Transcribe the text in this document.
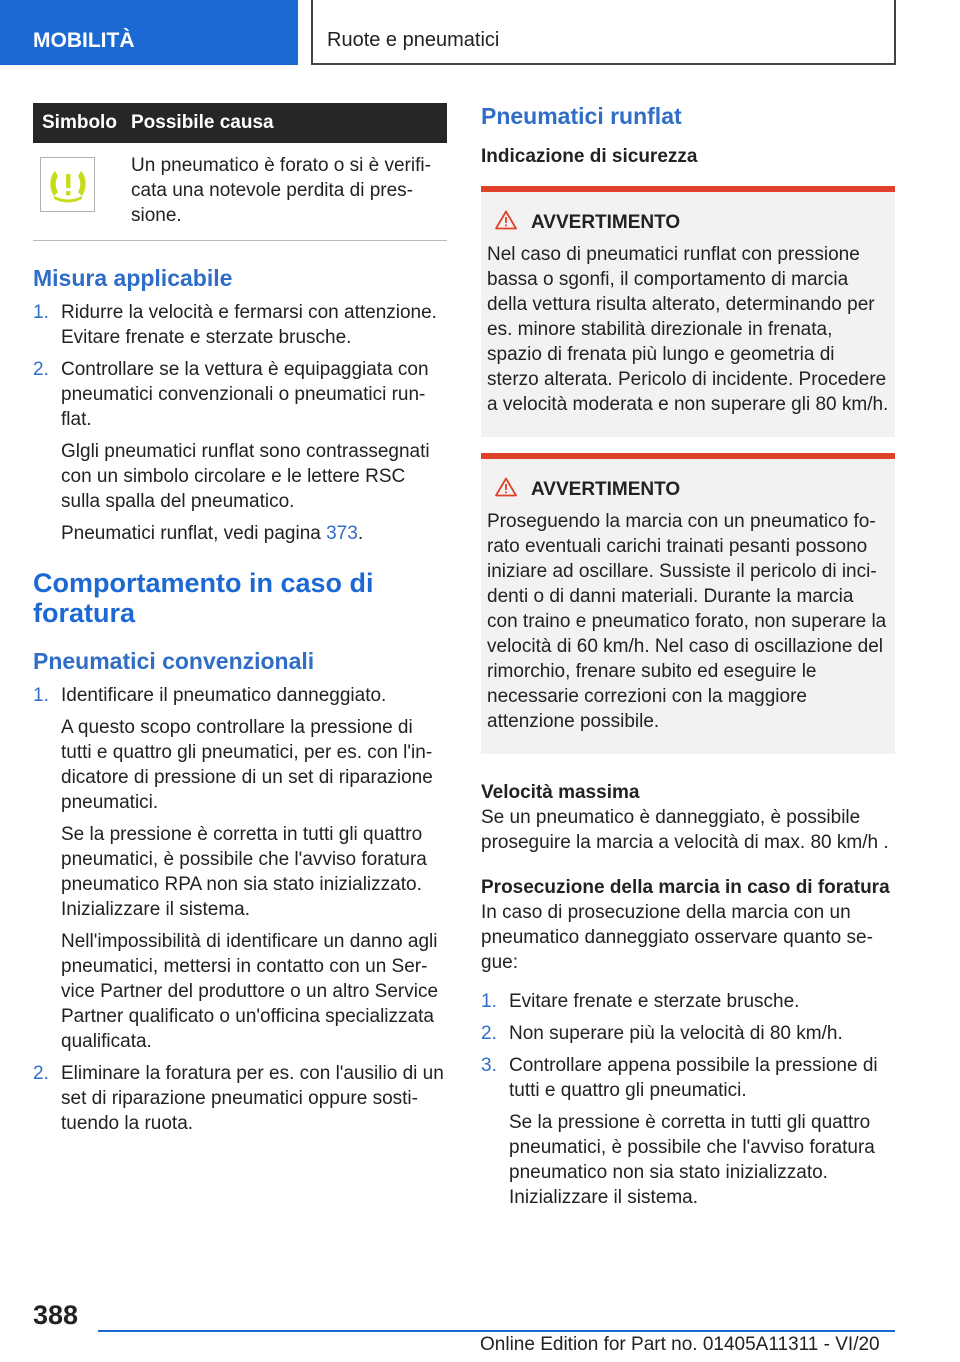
MOBILITÀ	Ruote e pneumatici
Simbolo Possibile causa
Un pneumatico è forato o si è verificata una notevole perdita di pressione.
Misura applicabile
1. Ridurre la velocità e fermarsi con attenzione. Evitare frenate e sterzate brusche.

2. Controllare se la vettura è equipaggiata con pneumatici convenzionali o pneumatici runflat.

Glgli pneumatici runflat sono contrassegnati con un simbolo circolare e le lettere RSC sulla spalla del pneumatico.

Pneumatici runflat, vedi pagina 373.

Comportamento in caso di foratura
Pneumatici convenzionali
1. Identificare il pneumatico danneggiato.

A questo scopo controllare la pressione di tutti e quattro gli pneumatici, per es. con l'indicatore di pressione di un set di riparazione pneumatici.

Se la pressione è corretta in tutti gli quattro pneumatici, è possibile che l'avviso foratura pneumatico RPA non sia stato inizializzato. Inizializzare il sistema.

Nell'impossibilità di identificare un danno agli pneumatici, mettersi in contatto con un Service Partner del produttore o un altro Service Partner qualificato o un'officina specializzata qualificata.

2. Eliminare la foratura per es. con l'ausilio di un set di riparazione pneumatici oppure sostituendo la ruota.

Pneumatici runflat
Indicazione di sicurezza
AVVERTIMENTO

Nel caso di pneumatici runflat con pressione bassa o sgonfi, il comportamento di marcia della vettura risulta alterato, determinando per es. minore stabilità direzionale in frenata, spazio di frenata più lungo e geometria di sterzo alterata. Pericolo di incidente. Procedere a velocità moderata e non superare gli 80 km/h.

AVVERTIMENTO

Proseguendo la marcia con un pneumatico forato eventuali carichi trainati pesanti possono iniziare ad oscillare. Sussiste il pericolo di incidenti o di danni materiali. Durante la marcia con traino e pneumatico forato, non superare la velocità di 60 km/h. Nel caso di oscillazione del rimorchio, frenare subito ed eseguire le necessarie correzioni con la maggiore attenzione possibile.

Velocità massima

Se un pneumatico è danneggiato, è possibile proseguire la marcia a velocità di max. 80 km/h .

Prosecuzione della marcia in caso di foratura

In caso di prosecuzione della marcia con un pneumatico danneggiato osservare quanto segue:

1. Evitare frenate e sterzate brusche.

2. Non superare più la velocità di 80 km/h.

3. Controllare appena possibile la pressione di tutti e quattro gli pneumatici.

Se la pressione è corretta in tutti gli quattro pneumatici, è possibile che l'avviso foratura pneumatico non sia stato inizializzato. Inizializzare il sistema.

388
Online Edition for Part no. 01405A11311 - VI/20
